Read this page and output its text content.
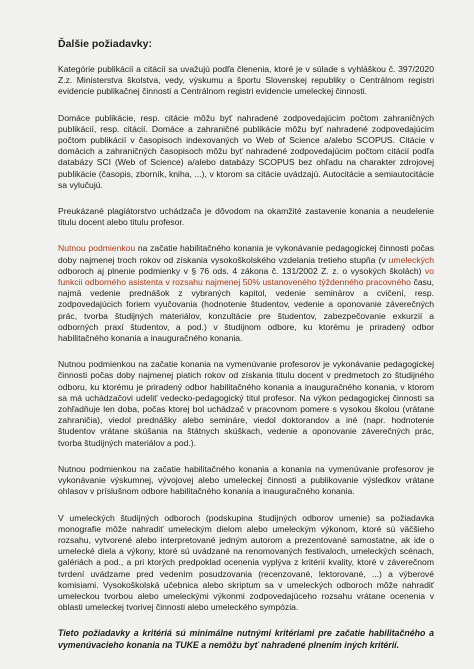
Ďalšie požiadavky:

Kategórie publikácií a citácií sa uvažujú podľa členenia, ktoré je v súlade s vyhláškou č. 397/2020 Z.z. Ministerstva školstva, vedy, výskumu a športu Slovenskej republiky o Centrálnom registri evidencie publikačnej činnosti a Centrálnom registri evidencie umeleckej činnosti.

Domáce publikácie, resp. citácie môžu byť nahradené zodpovedajúcim počtom zahraničných publikácií, resp. citácií. Domáce a zahraničné publikácie môžu byť nahradené zodpovedajúcim počtom publikácií v časopisoch indexovaných vo Web of Science a/alebo SCOPUS. Citácie v domácich a zahraničných časopisoch môžu byť nahradené zodpovedajúcim počtom citácií podľa databázy SCI (Web of Science) a/alebo databázy SCOPUS bez ohľadu na charakter zdrojovej publikácie (časopis, zborník, kniha, ...), v ktorom sa citácie uvádzajú. Autocitácie a semiautocitácie sa vylučujú.

Preukázané plagiátorstvo uchádzača je dôvodom na okamžité zastavenie konania a neudelenie titulu docent alebo titulu profesor.

Nutnou podmienkou na začatie habilitačného konania je vykonávanie pedagogickej činnosti počas doby najmenej troch rokov od získania vysokoškolského vzdelania tretieho stupňa (v umeleckých odboroch aj plnenie podmienky v § 76 ods. 4 zákona č. 131/2002 Z. z. o vysokých školách) vo funkcii odborného asistenta v rozsahu najmenej 50% ustanoveného týždenného pracovného času, najmä vedenie prednášok z vybraných kapitol, vedenie seminárov a cvičení, resp. zodpovedajúcich foriem vyučovania (hodnotenie študentov, vedenie a oponovanie záverečných prác, tvorba študijných materiálov, konzultácie pre študentov, zabezpečovanie exkurzií a odborných praxí študentov, a pod.) v študijnom odbore, ku ktorému je priradený odbor habilitačného konania a inauguračného konania.

Nutnou podmienkou na začatie konania na vymenúvanie profesorov je vykonávanie pedagogickej činnosti počas doby najmenej piatich rokov od získania titulu docent v predmetoch zo študijného odboru, ku ktorému je priradený odbor habilitačného konania a inauguračného konania, v ktorom sa má uchádzačovi udeliť vedecko-pedagogický titul profesor. Na výkon pedagogickej činnosti sa zohľadňuje len doba, počas ktorej bol uchádzač v pracovnom pomere s vysokou školou (vrátane zahraničia), viedol prednášky alebo semináre, viedol doktorandov a iné (napr. hodnotenie študentov vrátane skúšania na štátnych skúškach, vedenie a oponovanie záverečných prác, tvorba študijných materiálov a pod.).

Nutnou podmienkou na začatie habilitačného konania a konania na vymenúvanie profesorov je vykonávanie výskumnej, vývojovej alebo umeleckej činnosti a publikovanie výsledkov vrátane ohlasov v príslušnom odbore habilitačného konania a inauguračného konania.

V umeleckých študijných odboroch (podskupina študijných odborov umenie) sa požiadavka monografie môže nahradiť umeleckým dielom alebo umeleckým výkonom, ktoré sú väčšieho rozsahu, vytvorené alebo interpretované jedným autorom a prezentované samostatne, ak ide o umelecké diela a výkony, ktoré sú uvádzané na renomovaných festivaloch, umeleckých scénach, galériách a pod., a pri ktorých predpoklad ocenenia vyplýva z kritérií kvality, ktoré v záverečnom tvrdení uvádzame pred vedením posudzovania (recenzované, lektorované, ...) a výberové komisiami. Vysokoškolská učebnica alebo skriptum sa v umeleckých odboroch môže nahradiť umeleckou tvorbou alebo umeleckými výkonmi zodpovedajúceho rozsahu vrátane ocenenia v oblasti umeleckej tvorivej činnosti alebo umeleckého sympózia.

Tieto požiadavky a kritériá sú minimálne nutnými kritériami pre začatie habilitačného a vymenúvacieho konania na TUKE a nemôžu byť nahradené plnením iných kritérií.
